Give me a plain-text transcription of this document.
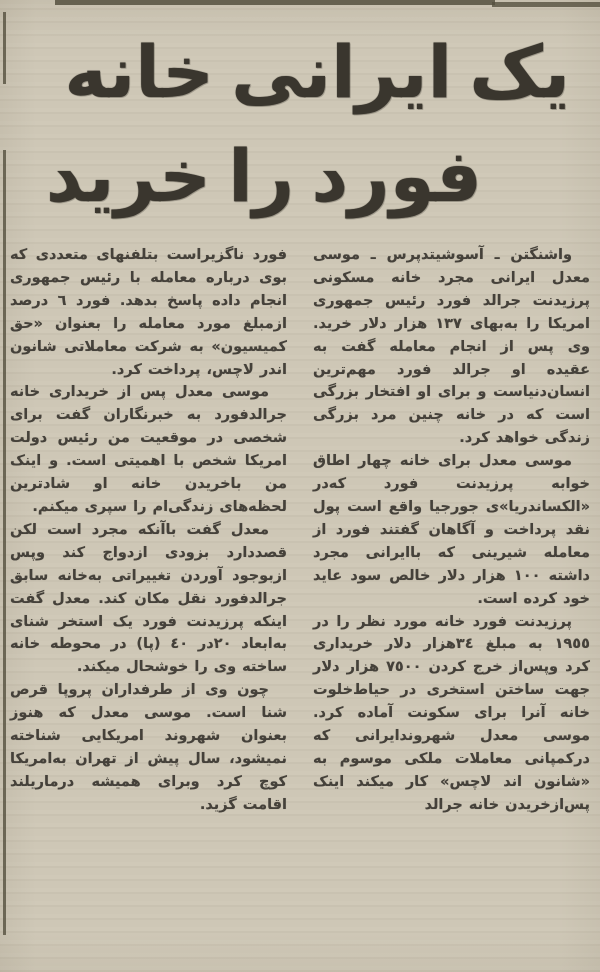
یک ایرانی خانه
فورد را خرید

واشنگتن ـ آسوشیتدپرس ـ موسی معدل ایرانی مجرد خانه مسکونی پرزیدنت جرالد فورد رئیس جمهوری امریکا را به‌بهای ١٣٧ هزار دلار خرید. وی پس از انجام معامله گفت به عقیده او جرالد فورد مهم‌ترین انسان‌دنیاست و برای او افتخار بزرگی است که در خانه چنین مرد بزرگی زندگی خواهد کرد.

موسی معدل برای خانه چهار اطاق خوابه پرزیدنت فورد که‌در «الکساندریا»ی جورجیا واقع است پول نقد پرداخت و آگاهان گفتند فورد از معامله شیرینی که باایرانی مجرد داشته ١٠٠ هزار دلار خالص سود عاید خود کرده است.

پرزیدنت فورد خانه مورد نظر را در ١٩٥٥ به مبلغ ٣٤هزار دلار خریداری کرد وپس‌از خرج کردن ٧٥٠٠ هزار دلار جهت ساختن استخری در حیاط‌خلوت خانه آنرا برای سکونت آماده کرد. موسی معدل شهروندایرانی که درکمپانی معاملات ملکی موسوم به «شانون اند لاچس» کار میکند اینک پس‌ازخریدن خانه جرالد

فورد ناگزیراست بتلفنهای متعددی که بوی درباره معامله با رئیس جمهوری انجام داده پاسخ بدهد. فورد ٦ درصد ازمبلغ مورد معامله را بعنوان «حق کمیسیون» به شرکت معاملاتی شانون اندر لاچس، پرداخت کرد.

موسی معدل پس از خریداری خانه جرالدفورد به خبرنگاران گفت برای شخصی در موقعیت من رئیس دولت امریکا شخص با اهمیتی است. و اینک من باخریدن خانه او شادترین لحظه‌های زندگی‌ام را سپری میکنم.

معدل گفت باآنکه مجرد است لکن قصددارد بزودی ازدواج کند وپس ازبوجود آوردن تغییراتی به‌خانه سابق جرالدفورد نقل مکان کند. معدل گفت اینکه پرزیدنت فورد یک استخر شنای به‌ابعاد ٢٠در ٤٠ (پا) در محوطه خانه ساخته وی را خوشحال میکند.

چون وی از طرفداران پروپا قرص شنا است. موسی معدل که هنوز بعنوان شهروند امریکایی شناخته نمیشود، سال پیش از تهران به‌امریکا کوچ کرد وبرای همیشه درماریلند اقامت گزید.
